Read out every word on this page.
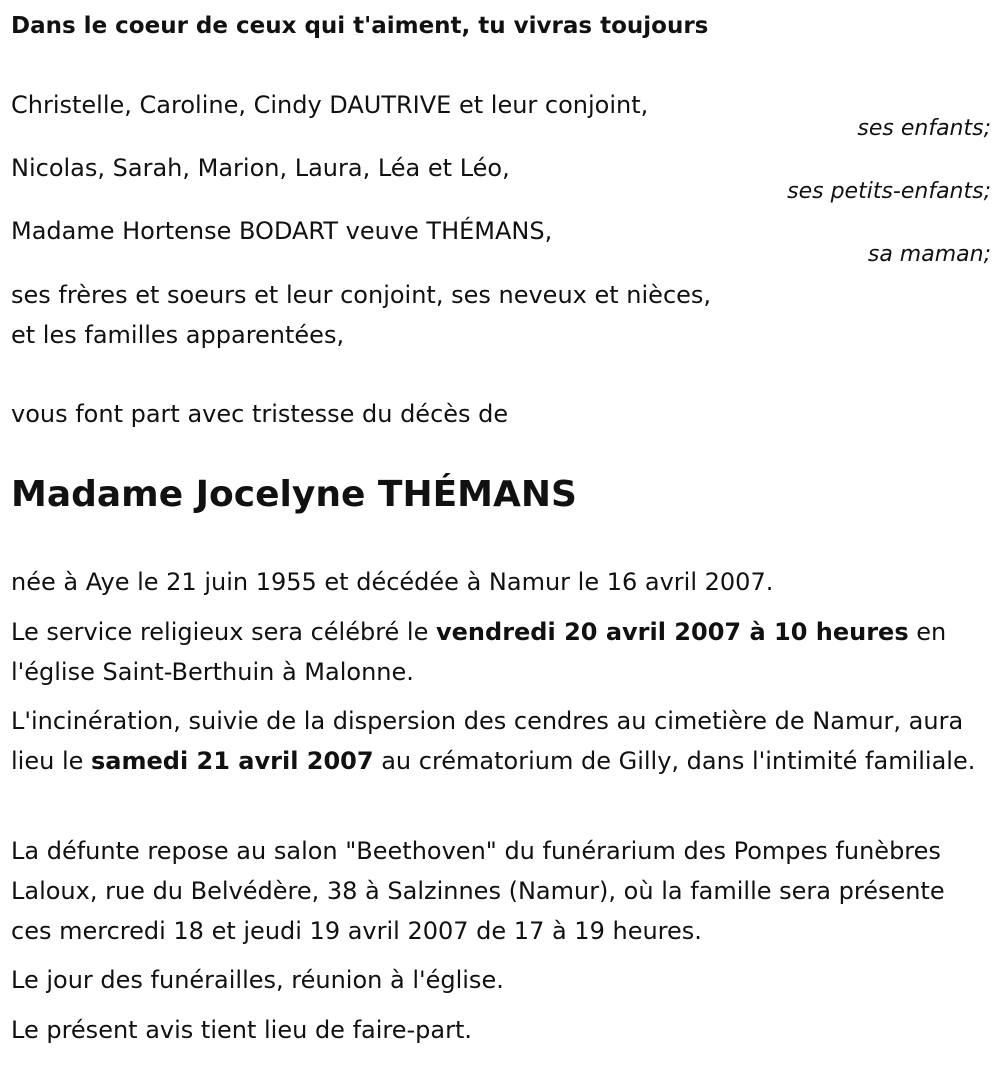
Dans le coeur de ceux qui t'aiment, tu vivras toujours
Christelle, Caroline, Cindy DAUTRIVE et leur conjoint,
ses enfants;
Nicolas, Sarah, Marion, Laura, Léa et Léo,
ses petits-enfants;
Madame Hortense BODART veuve THÉMANS,
sa maman;
ses frères et soeurs et leur conjoint, ses neveux et nièces,
et les familles apparentées,
vous font part avec tristesse du décès de
Madame Jocelyne THÉMANS
née à Aye le 21 juin 1955 et décédée à Namur le 16 avril 2007.
Le service religieux sera célébré le vendredi 20 avril 2007 à 10 heures en l'église Saint-Berthuin à Malonne.
L'incinération, suivie de la dispersion des cendres au cimetière de Namur, aura lieu le samedi 21 avril 2007 au crématorium de Gilly, dans l'intimité familiale.
La défunte repose au salon "Beethoven" du funérarium des Pompes funèbres Laloux, rue du Belvédère, 38 à Salzinnes (Namur), où la famille sera présente ces mercredi 18 et jeudi 19 avril 2007 de 17 à 19 heures.
Le jour des funérailles, réunion à l'église.
Le présent avis tient lieu de faire-part.
